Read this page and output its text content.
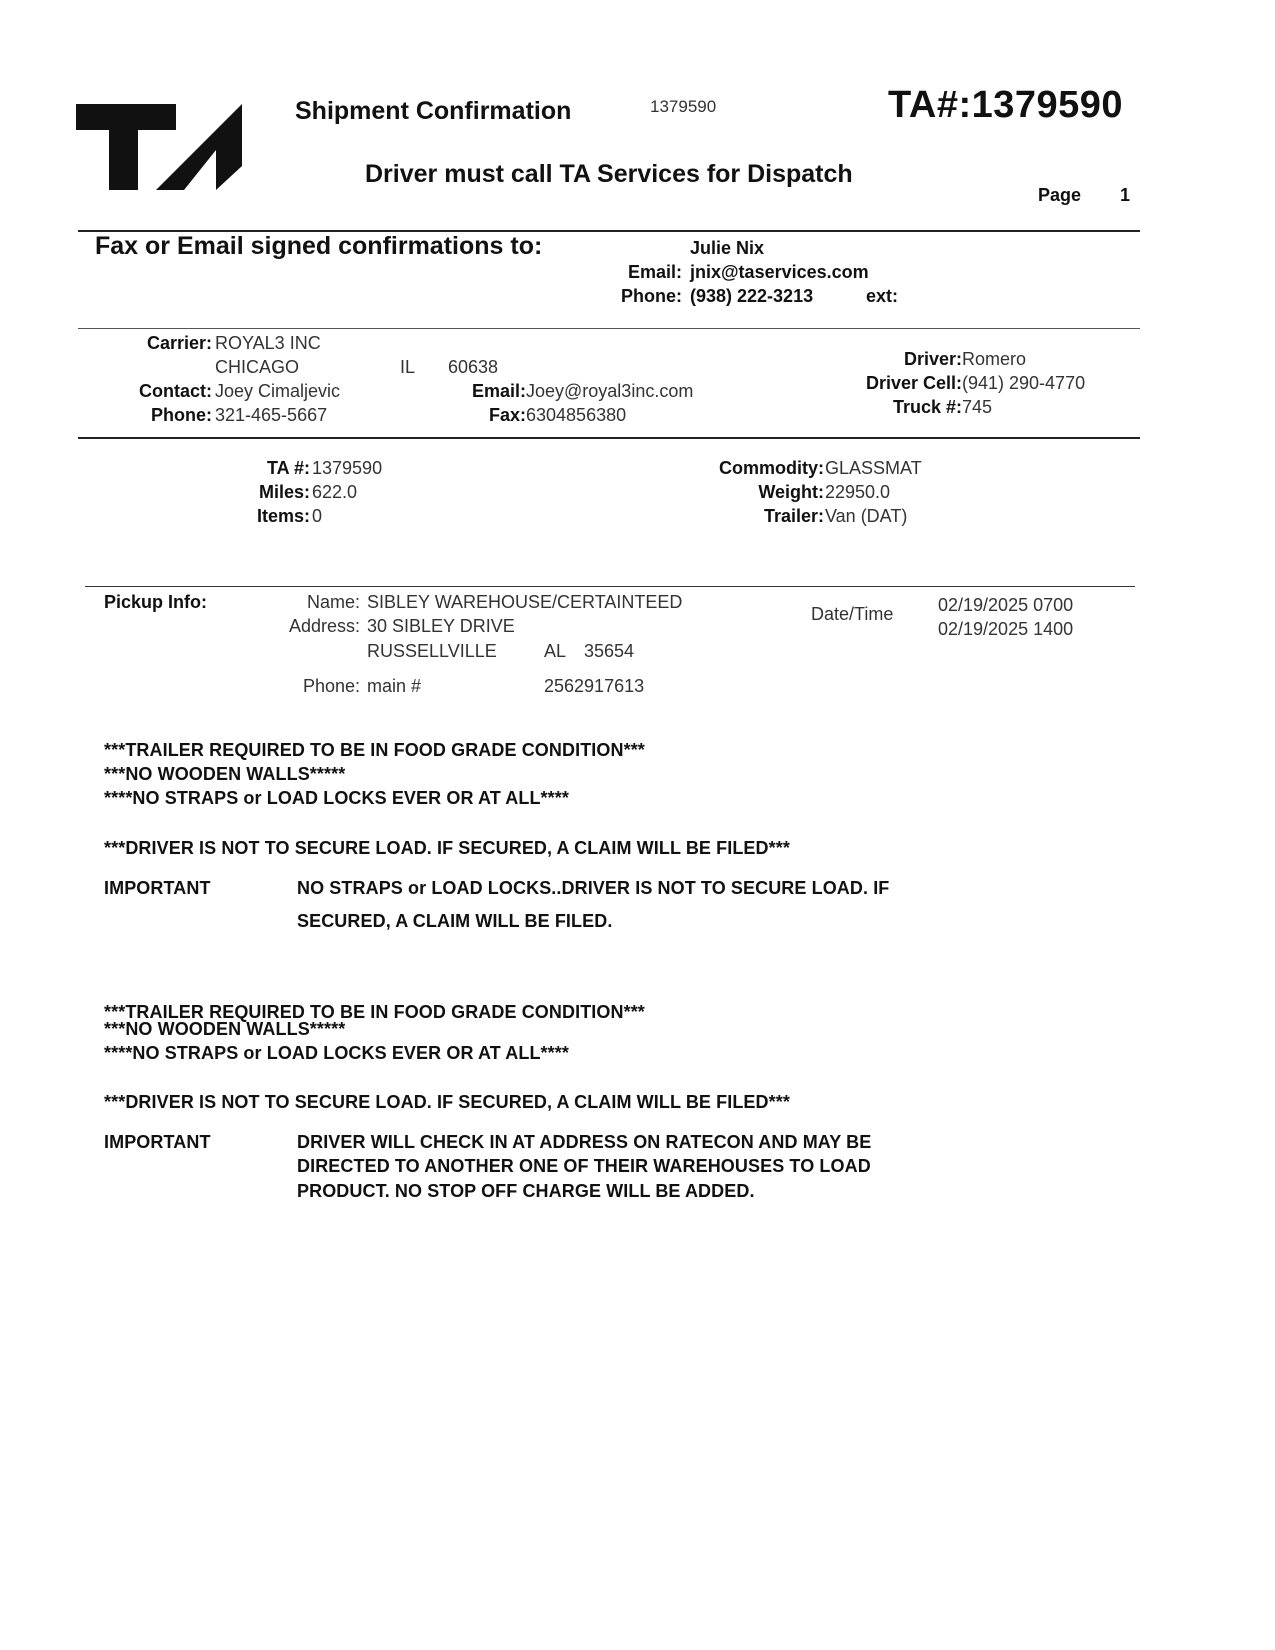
Shipment Confirmation	1379590	TA#:1379590
Driver must call TA Services for Dispatch
Page 1
Fax or Email signed confirmations to:	Julie Nix
Email: jnix@taservices.com
Phone: (938) 222-3213	ext:
Carrier: ROYAL3 INC
CHICAGO	IL 60638
Contact: Joey Cimaljevic
Phone: 321-465-5667
Email: Joey@royal3inc.com
Fax: 6304856380
Driver: Romero
Driver Cell: (941) 290-4770
Truck #: 745
TA #: 1379590
Miles: 622.0
Items: 0
Commodity: GLASSMAT
Weight: 22950.0
Trailer: Van (DAT)
Pickup Info:	Name: SIBLEY WAREHOUSE/CERTAINTEED
Address: 30 SIBLEY DRIVE
RUSSELLVILLE	AL 35654
Phone: main #	2562917613
Date/Time 02/19/2025 0700
02/19/2025 1400
***TRAILER REQUIRED TO BE IN FOOD GRADE CONDITION***
***NO WOODEN WALLS*****
****NO STRAPS or LOAD LOCKS EVER OR AT ALL****
***DRIVER IS NOT TO SECURE LOAD. IF SECURED, A CLAIM WILL BE FILED***
IMPORTANT	NO STRAPS or LOAD LOCKS..DRIVER IS NOT TO SECURE LOAD. IF
SECURED, A CLAIM WILL BE FILED.
***TRAILER REQUIRED TO BE IN FOOD GRADE CONDITION***
***NO WOODEN WALLS*****
****NO STRAPS or LOAD LOCKS EVER OR AT ALL****
***DRIVER IS NOT TO SECURE LOAD. IF SECURED, A CLAIM WILL BE FILED***
IMPORTANT	DRIVER WILL CHECK IN AT ADDRESS ON RATECON AND MAY BE
DIRECTED TO ANOTHER ONE OF THEIR WAREHOUSES TO LOAD
PRODUCT. NO STOP OFF CHARGE WILL BE ADDED.
